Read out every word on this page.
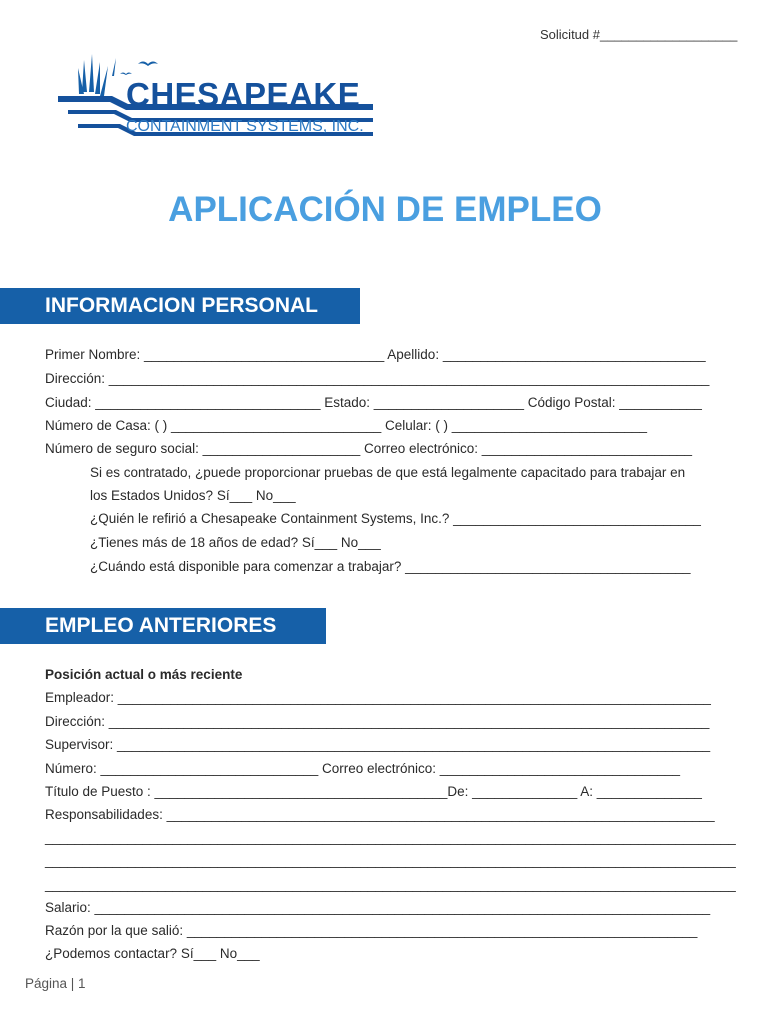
Solicitud #___________________
CHESAPEAKE
CONTAINMENT SYSTEMS, INC.
APLICACIÓN DE EMPLEO
INFORMACION PERSONAL
Primer Nombre: ________________________________ Apellido: ___________________________________
Dirección: ________________________________________________________________________________
Ciudad: ______________________________ Estado: ____________________ Código Postal: ___________
Número de Casa: ( ) ____________________________ Celular: ( ) __________________________
Número de seguro social: _____________________ Correo electrónico: ____________________________
Si es contratado, ¿puede proporcionar pruebas de que está legalmente capacitado para trabajar en
los Estados Unidos? Sí___ No___
¿Quién le refirió a Chesapeake Containment Systems, Inc.? _________________________________
¿Tienes más de 18 años de edad? Sí___ No___
¿Cuándo está disponible para comenzar a trabajar? ______________________________________
EMPLEO ANTERIORES
Posición actual o más reciente
Empleador: _______________________________________________________________________________
Dirección: ________________________________________________________________________________
Supervisor: _______________________________________________________________________________
Número: _____________________________ Correo electrónico: ________________________________
Título de Puesto : _______________________________________De: ______________ A: ______________
Responsabilidades: _________________________________________________________________________
____________________________________________________________________________________________
____________________________________________________________________________________________
____________________________________________________________________________________________
Salario: __________________________________________________________________________________
Razón por la que salió: ____________________________________________________________________
¿Podemos contactar? Sí___ No___
Página | 1
